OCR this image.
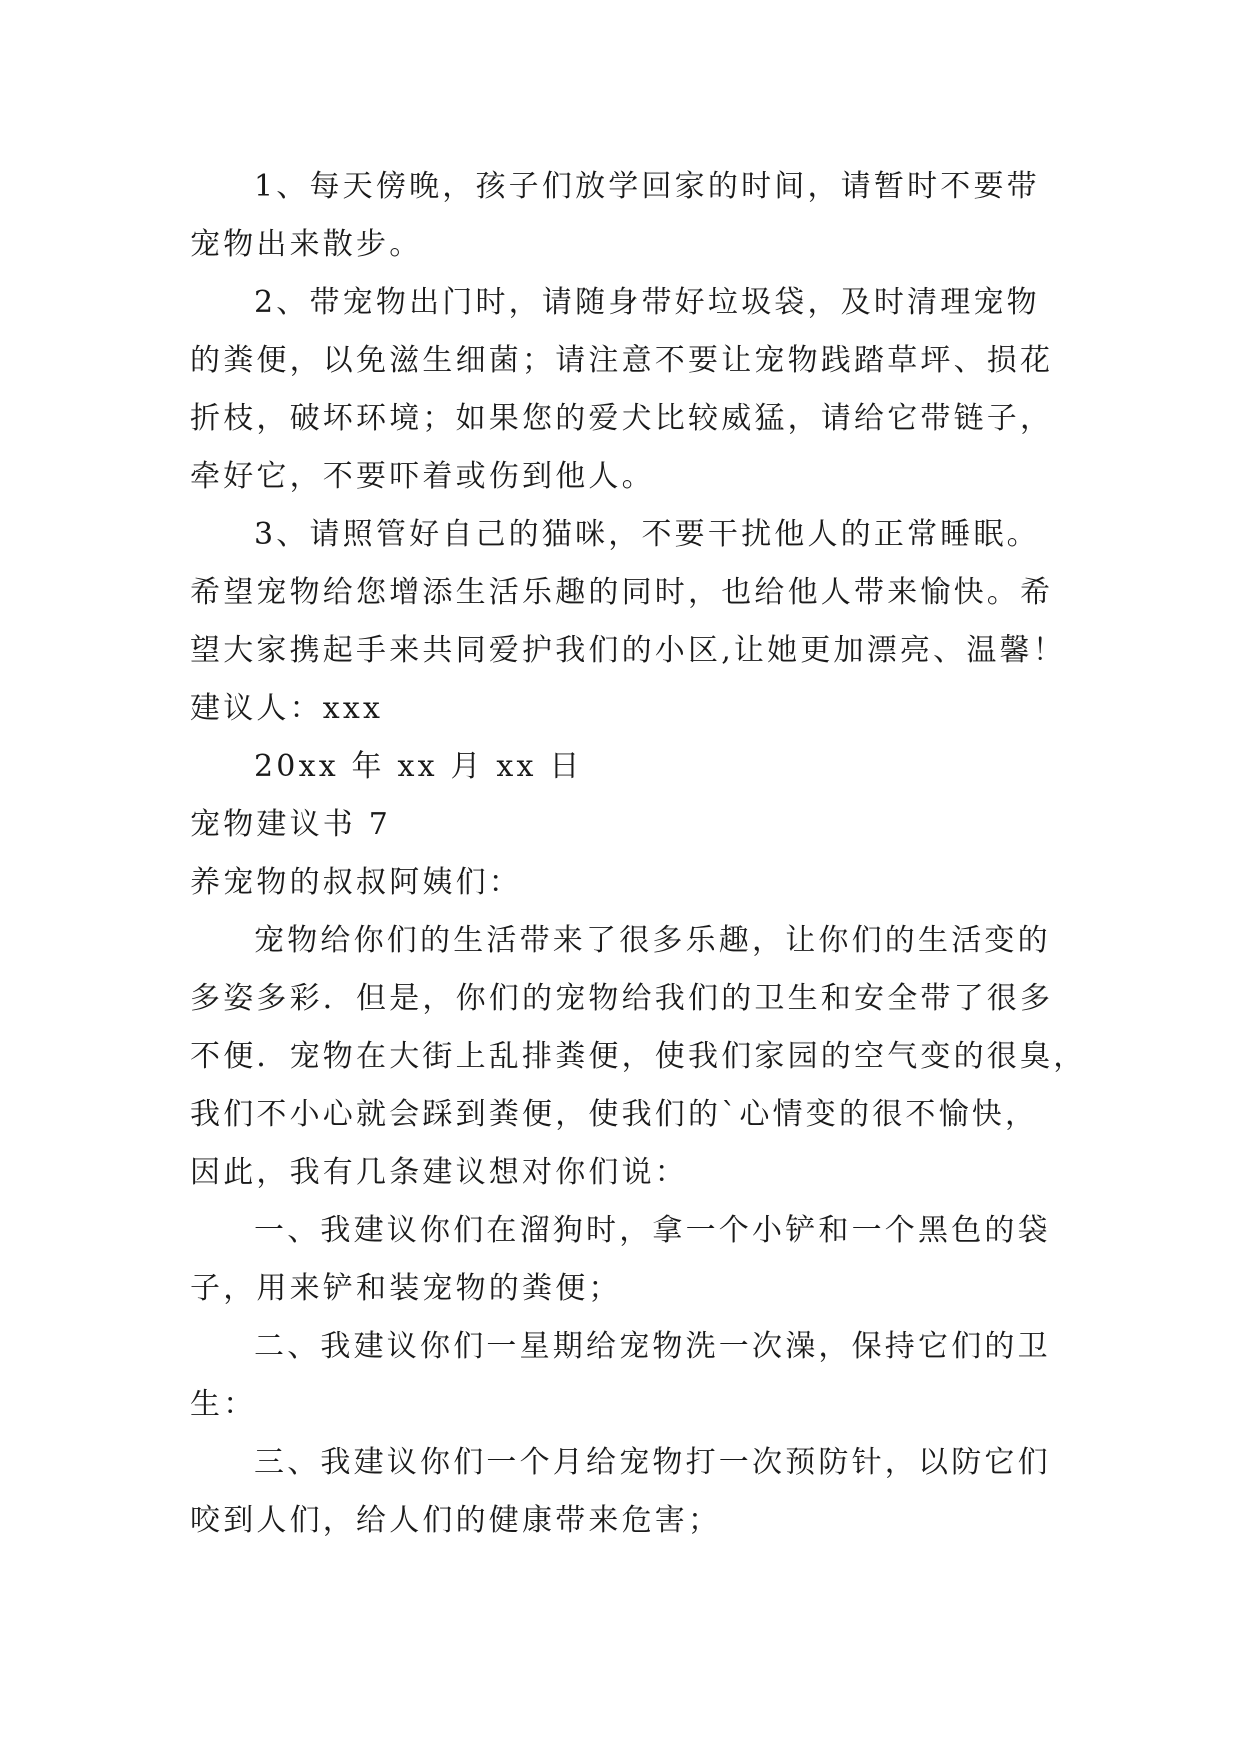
1、每天傍晚，孩子们放学回家的时间，请暂时不要带
宠物出来散步。
2、带宠物出门时，请随身带好垃圾袋，及时清理宠物
的粪便，以免滋生细菌；请注意不要让宠物践踏草坪、损花
折枝，破坏环境；如果您的爱犬比较威猛，请给它带链子，
牵好它，不要吓着或伤到他人。
3、请照管好自己的猫咪，不要干扰他人的正常睡眠。
希望宠物给您增添生活乐趣的同时，也给他人带来愉快。希
望大家携起手来共同爱护我们的小区,让她更加漂亮、温馨！
建议人：xxx
20xx 年 xx 月 xx 日
宠物建议书 7
养宠物的叔叔阿姨们：
宠物给你们的生活带来了很多乐趣，让你们的生活变的
多姿多彩．但是，你们的宠物给我们的卫生和安全带了很多
不便．宠物在大街上乱排粪便，使我们家园的空气变的很臭，
我们不小心就会踩到粪便，使我们的`心情变的很不愉快，
因此，我有几条建议想对你们说：
一、我建议你们在溜狗时，拿一个小铲和一个黑色的袋
子，用来铲和装宠物的粪便；
二、我建议你们一星期给宠物洗一次澡，保持它们的卫
生：
三、我建议你们一个月给宠物打一次预防针，以防它们
咬到人们，给人们的健康带来危害；
